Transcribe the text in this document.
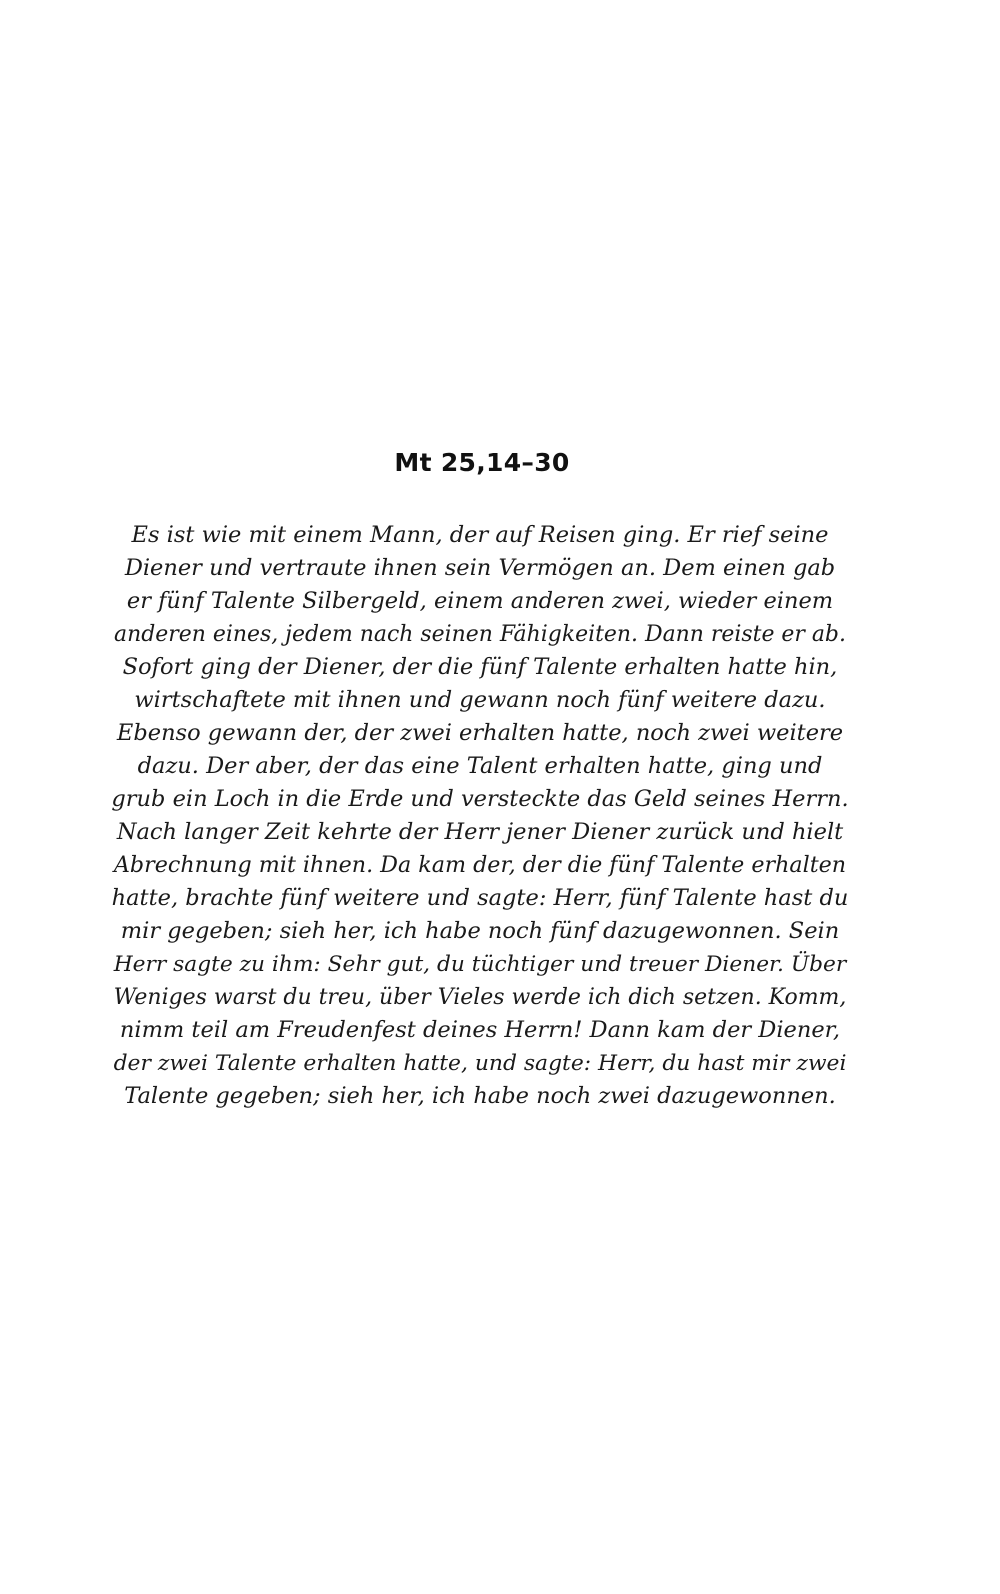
Mt 25,14–30

Es ist wie mit einem Mann, der auf Reisen ging. Er rief seine
Diener und vertraute ihnen sein Vermögen an. Dem einen gab
er fünf Talente Silbergeld, einem anderen zwei, wieder einem
anderen eines, jedem nach seinen Fähigkeiten. Dann reiste er ab.
Sofort ging der Diener, der die fünf Talente erhalten hatte hin,
wirtschaftete mit ihnen und gewann noch fünf weitere dazu.
Ebenso gewann der, der zwei erhalten hatte, noch zwei weitere
dazu. Der aber, der das eine Talent erhalten hatte, ging und
grub ein Loch in die Erde und versteckte das Geld seines Herrn.
Nach langer Zeit kehrte der Herr jener Diener zurück und hielt
Abrechnung mit ihnen. Da kam der, der die fünf Talente erhalten
hatte, brachte fünf weitere und sagte: Herr, fünf Talente hast du
mir gegeben; sieh her, ich habe noch fünf dazugewonnen. Sein
Herr sagte zu ihm: Sehr gut, du tüchtiger und treuer Diener. Über
Weniges warst du treu, über Vieles werde ich dich setzen. Komm,
nimm teil am Freudenfest deines Herrn! Dann kam der Diener,
der zwei Talente erhalten hatte, und sagte: Herr, du hast mir zwei
Talente gegeben; sieh her, ich habe noch zwei dazugewonnen.
